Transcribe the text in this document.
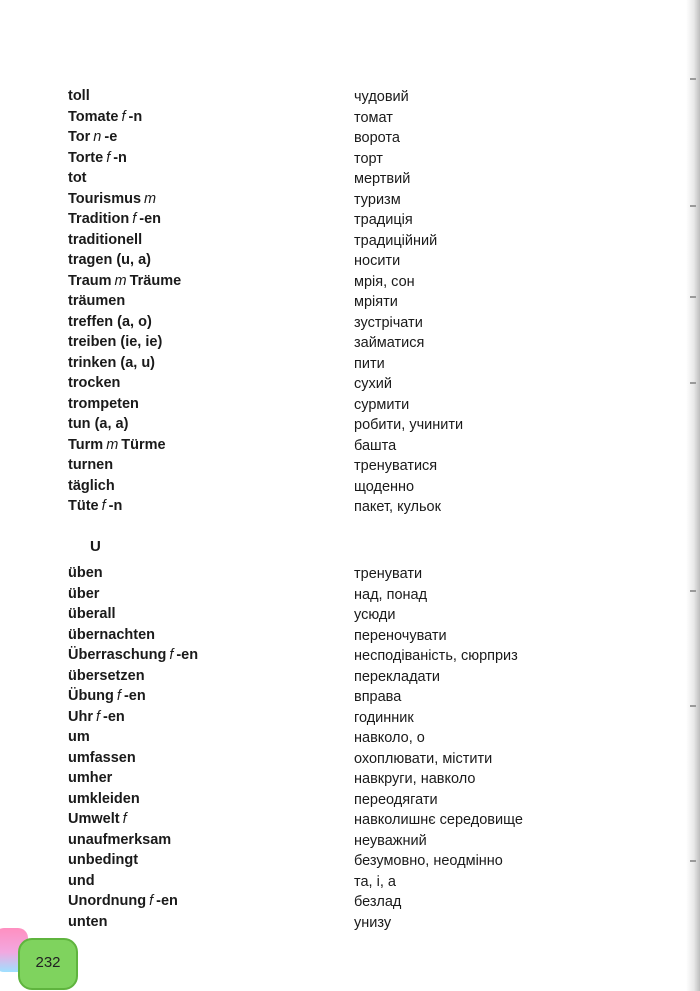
toll	чудовий
Tomate f -n	томат
Tor n -e	ворота
Torte f -n	торт
tot	мертвий
Tourismus m	туризм
Tradition f -en	традиція
traditionell	традиційний
tragen (u, a)	носити
Traum m Träume	мрія, сон
träumen	мріяти
treffen (a, o)	зустрічати
treiben (ie, ie)	займатися
trinken (a, u)	пити
trocken	сухий
trompeten	сурмити
tun (a, a)	робити, учинити
Turm m Türme	башта
turnen	тренуватися
täglich	щоденно
Tüte f -n	пакет, кульок
U
üben	тренувати
über	над, понад
überall	усюди
übernachten	переночувати
Überraschung f -en	несподіваність, сюрприз
übersetzen	перекладати
Übung f -en	вправа
Uhr f -en	годинник
um	навколо, о
umfassen	охоплювати, містити
umher	навкруги, навколо
umkleiden	переодягати
Umwelt f	навколишнє середовище
unaufmerksam	неуважний
unbedingt	безумовно, неодмінно
und	та, і, а
Unordnung f -en	безлад
unten	унизу
232
